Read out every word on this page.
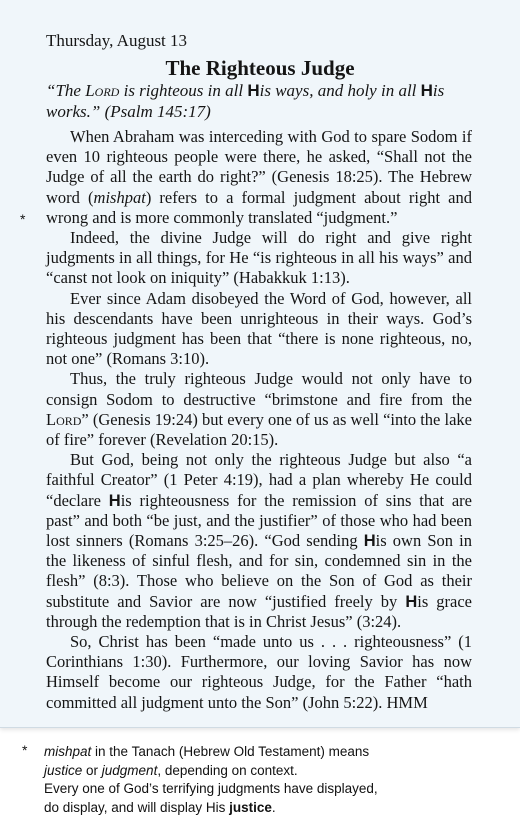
Thursday, August 13
The Righteous Judge
“The Lord is righteous in all His ways, and holy in all His works.” (Psalm 145:17)
*

When Abraham was interceding with God to spare Sodom if even 10 righteous people were there, he asked, “Shall not the Judge of all the earth do right?” (Genesis 18:25). The Hebrew word (mishpat) refers to a formal judgment about right and wrong and is more commonly translated “judgment.”

Indeed, the divine Judge will do right and give right judgments in all things, for He “is righteous in all his ways” and “canst not look on iniquity” (Habakkuk 1:13).

Ever since Adam disobeyed the Word of God, however, all his descendants have been unrighteous in their ways. God’s righteous judgment has been that “there is none righteous, no, not one” (Romans 3:10).

Thus, the truly righteous Judge would not only have to consign Sodom to destructive “brimstone and fire from the Lord” (Genesis 19:24) but every one of us as well “into the lake of fire” forever (Revelation 20:15).

But God, being not only the righteous Judge but also “a faithful Creator” (1 Peter 4:19), had a plan whereby He could “declare His righteousness for the remission of sins that are past” and both “be just, and the justifier” of those who had been lost sinners (Romans 3:25–26). “God sending His own Son in the likeness of sinful flesh, and for sin, condemned sin in the flesh” (8:3). Those who believe on the Son of God as their substitute and Savior are now “justified freely by His grace through the redemption that is in Christ Jesus” (3:24).

So, Christ has been “made unto us . . . righteousness” (1 Corinthians 1:30). Furthermore, our loving Savior has now Himself become our righteous Judge, for the Father “hath committed all judgment unto the Son” (John 5:22). HMM

* mishpat in the Tanach (Hebrew Old Testament) means
justice or judgment, depending on context.
Every one of God’s terrifying judgments have displayed,
do display, and will display His justice.
